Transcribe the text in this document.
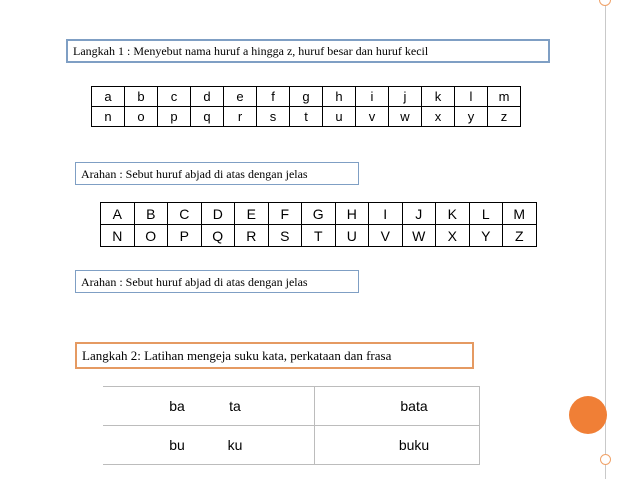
Langkah 1 : Menyebut nama huruf a hingga z, huruf besar dan huruf kecil
a	b	c	d	e	f	g	h	i	j	k	l	m
n	o	p	q	r	s	t	u	v	w	x	y	z
Arahan : Sebut huruf abjad di atas dengan jelas
A	B	C	D	E	F	G	H	I	J	K	L	M
N	O	P	Q	R	S	T	U	V	W	X	Y	Z
Arahan : Sebut huruf abjad di atas dengan jelas
Langkah 2: Latihan mengeja suku kata, perkataan dan frasa
ba ta	bata
bu ku	buku
